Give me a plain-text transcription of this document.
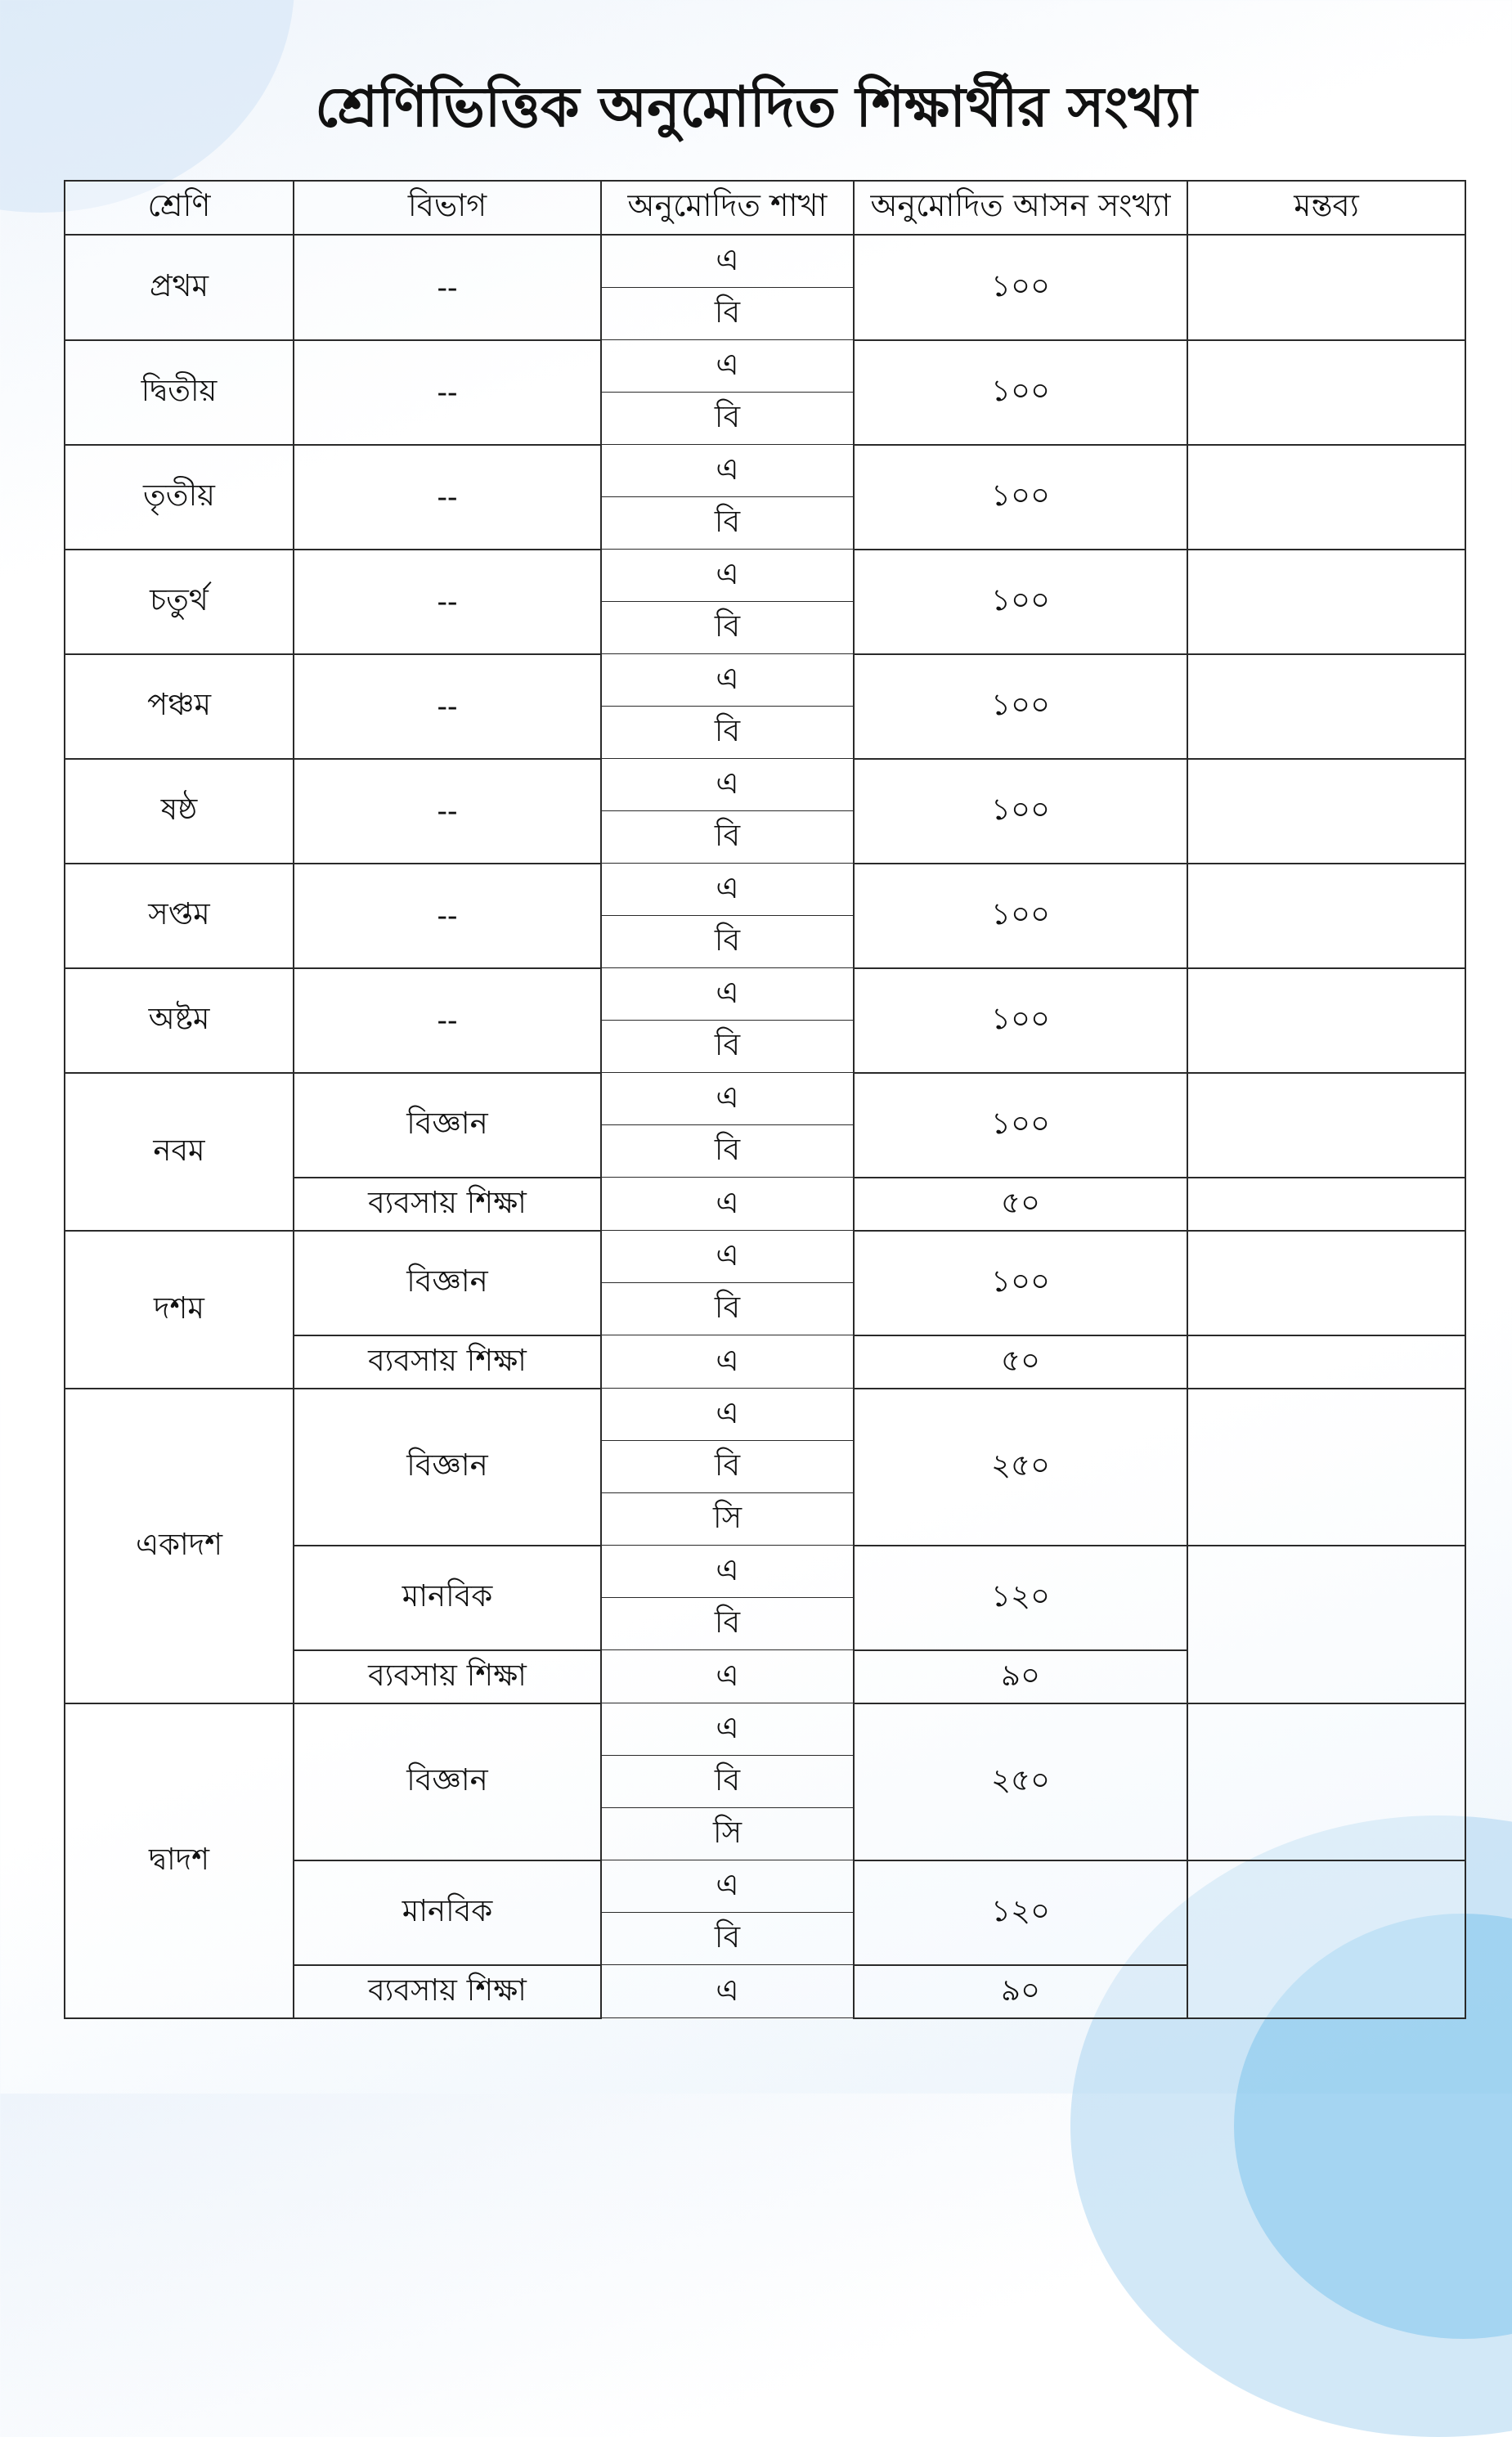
শ্রেণিভিত্তিক অনুমোদিত শিক্ষার্থীর সংখ্যা
শ্রেণি	বিভাগ	অনুমোদিত শাখা	অনুমোদিত আসন সংখ্যা	মন্তব্য
প্রথম	--	এ	১০০	
		বি		
দ্বিতীয়	--	এ	১০০	
		বি		
তৃতীয়	--	এ	১০০	
		বি		
চতুর্থ	--	এ	১০০	
		বি		
পঞ্চম	--	এ	১০০	
		বি		
ষষ্ঠ	--	এ	১০০	
		বি		
সপ্তম	--	এ	১০০	
		বি		
অষ্টম	--	এ	১০০	
		বি		
নবম	বিজ্ঞান	এ	১০০	
		বি		
	ব্যবসায় শিক্ষা	এ	৫০	
দশম	বিজ্ঞান	এ	১০০	
		বি		
	ব্যবসায় শিক্ষা	এ	৫০	
একাদশ	বিজ্ঞান	এ	২৫০	
		বি		
		সি		
	মানবিক	এ	১২০	
		বি		
	ব্যবসায় শিক্ষা	এ	৯০	
দ্বাদশ	বিজ্ঞান	এ	২৫০	
		বি		
		সি		
	মানবিক	এ	১২০	
		বি		
	ব্যবসায় শিক্ষা	এ	৯০	
